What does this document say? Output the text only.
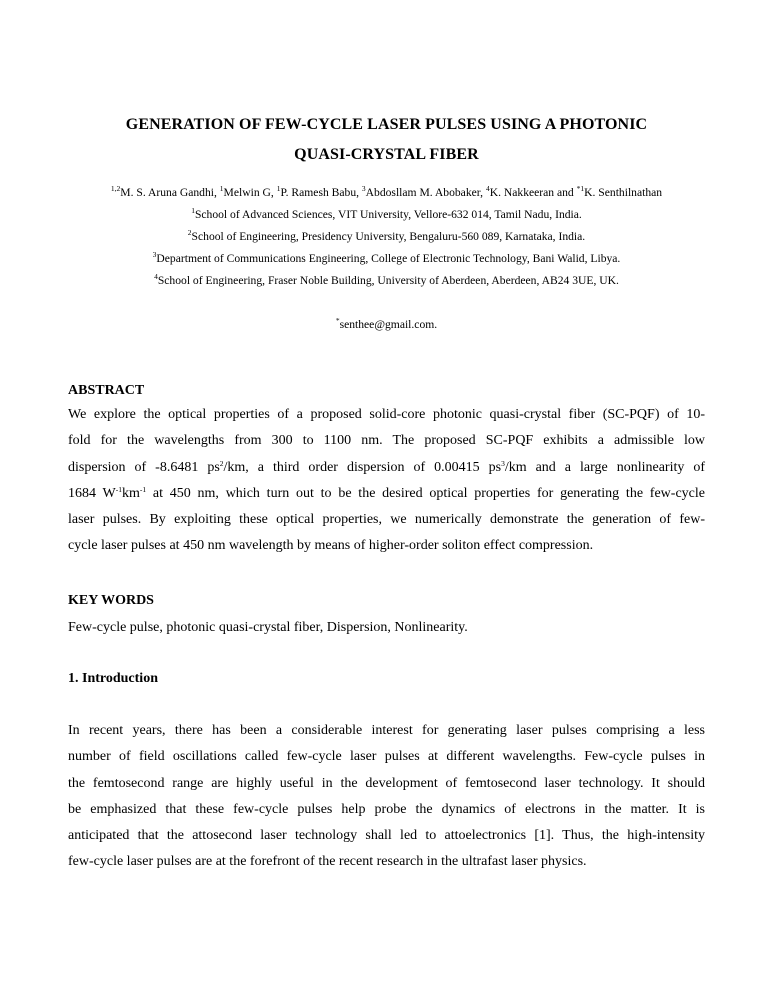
GENERATION OF FEW-CYCLE LASER PULSES USING A PHOTONIC
QUASI-CRYSTAL FIBER
$^{1,2}$M. S. Aruna Gandhi, $^1$Melwin G, $^1$P. Ramesh Babu, $^3$Abdosllam M. Abobaker, $^4$K. Nakkeeran and $^{*1}$K. Senthilnathan
$^1$School of Advanced Sciences, VIT University, Vellore-632 014, Tamil Nadu, India.
$^2$School of Engineering, Presidency University, Bengaluru-560 089, Karnataka, India.
$^3$Department of Communications Engineering, College of Electronic Technology, Bani Walid, Libya.
$^4$School of Engineering, Fraser Noble Building, University of Aberdeen, Aberdeen, AB24 3UE, UK.
*senthee@gmail.com.
ABSTRACT
We explore the optical properties of a proposed solid-core photonic quasi-crystal fiber (SC-PQF) of 10-
fold for the wavelengths from 300 to 1100 nm. The proposed SC-PQF exhibits a admissible low
dispersion of -8.6481 $ps^2/km$, a third order dispersion of 0.00415 $ps^3/km$ and a large nonlinearity of
1684 $W^{-1}km^{-1}$ at 450 nm, which turn out to be the desired optical properties for generating the few-cycle
laser pulses. By exploiting these optical properties, we numerically demonstrate the generation of few-
cycle laser pulses at 450 nm wavelength by means of higher-order soliton effect compression.
KEY WORDS
Few-cycle pulse, photonic quasi-crystal fiber, Dispersion, Nonlinearity.
1. Introduction
In recent years, there has been a considerable interest for generating laser pulses comprising a less
number of field oscillations called few-cycle laser pulses at different wavelengths. Few-cycle pulses in
the femtosecond range are highly useful in the development of femtosecond laser technology. It should
be emphasized that these few-cycle pulses help probe the dynamics of electrons in the matter. It is
anticipated that the attosecond laser technology shall led to attoelectronics [1]. Thus, the high-intensity
few-cycle laser pulses are at the forefront of the recent research in the ultrafast laser physics.
